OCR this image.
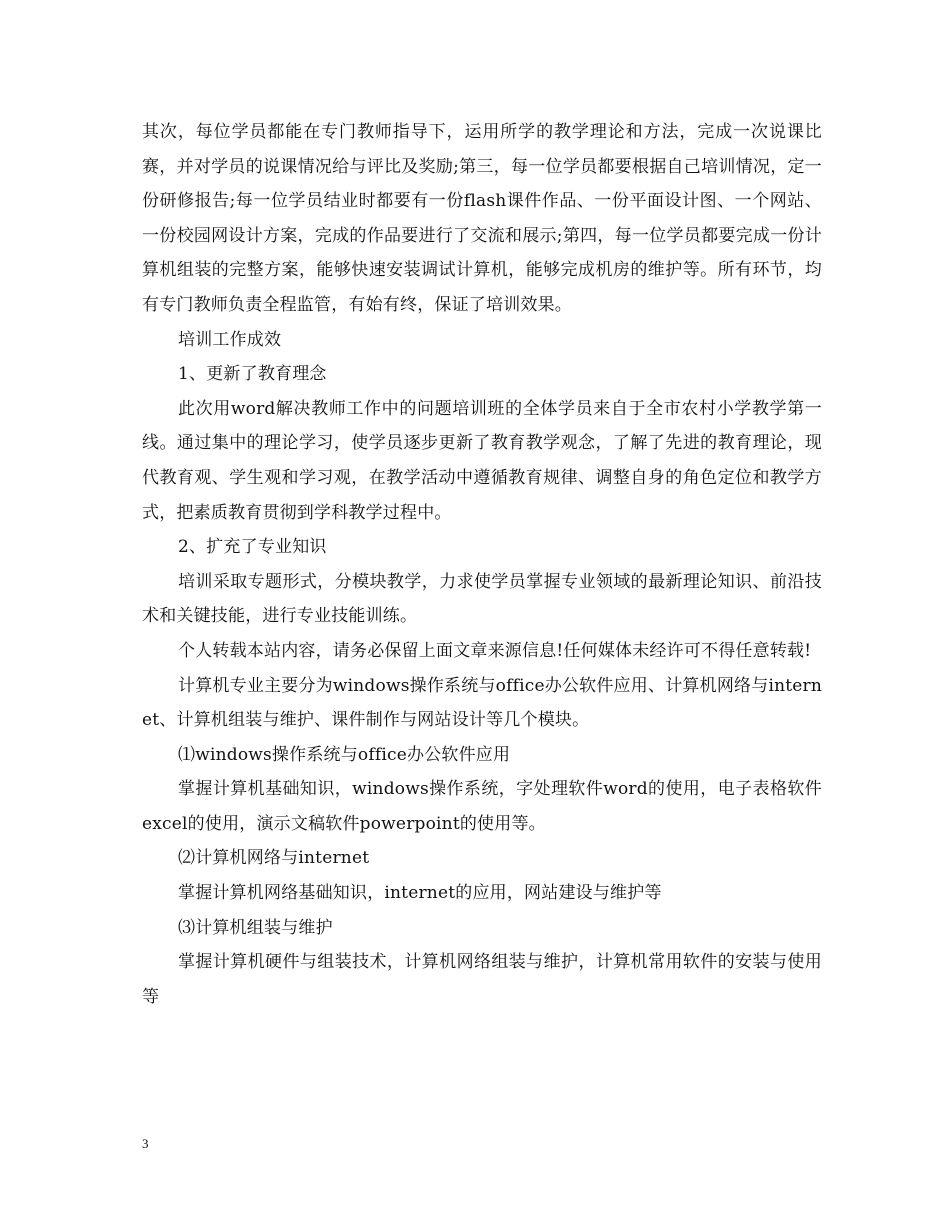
其次，每位学员都能在专门教师指导下，运用所学的教学理论和方法，完成一次说课比赛，并对学员的说课情况给与评比及奖励;第三，每一位学员都要根据自己培训情况，定一份研修报告;每一位学员结业时都要有一份flash课件作品、一份平面设计图、一个网站、一份校园网设计方案，完成的作品要进行了交流和展示;第四，每一位学员都要完成一份计算机组装的完整方案，能够快速安装调试计算机，能够完成机房的维护等。所有环节，均有专门教师负责全程监管，有始有终，保证了培训效果。

培训工作成效

1、更新了教育理念

此次用word解决教师工作中的问题培训班的全体学员来自于全市农村小学教学第一线。通过集中的理论学习，使学员逐步更新了教育教学观念，了解了先进的教育理论，现代教育观、学生观和学习观，在教学活动中遵循教育规律、调整自身的角色定位和教学方式，把素质教育贯彻到学科教学过程中。

2、扩充了专业知识

培训采取专题形式，分模块教学，力求使学员掌握专业领域的最新理论知识、前沿技术和关键技能，进行专业技能训练。

个人转载本站内容，请务必保留上面文章来源信息!任何媒体未经许可不得任意转载!

计算机专业主要分为windows操作系统与office办公软件应用、计算机网络与internet、计算机组装与维护、课件制作与网站设计等几个模块。

⑴windows操作系统与office办公软件应用

掌握计算机基础知识，windows操作系统，字处理软件word的使用，电子表格软件excel的使用，演示文稿软件powerpoint的使用等。

⑵计算机网络与internet

掌握计算机网络基础知识，internet的应用，网站建设与维护等

⑶计算机组装与维护

掌握计算机硬件与组装技术，计算机网络组装与维护，计算机常用软件的安装与使用等

3
